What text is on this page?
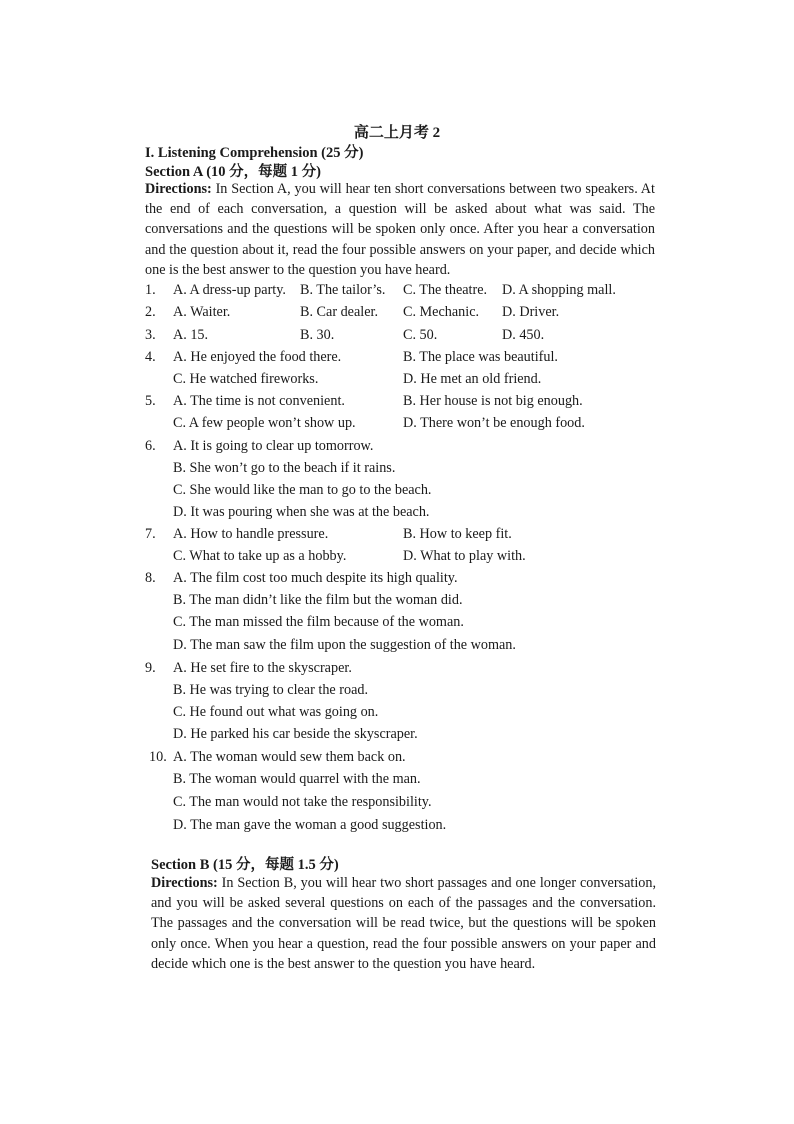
高二上月考 2
I. Listening Comprehension (25 分)
Section A (10 分，每题 1 分)
Directions: In Section A, you will hear ten short conversations between two speakers. At the end of each conversation, a question will be asked about what was said. The conversations and the questions will be spoken only once. After you hear a conversation and the question about it, read the four possible answers on your paper, and decide which one is the best answer to the question you have heard.
1. A. A dress-up party. B. The tailor’s. C. The theatre. D. A shopping mall.
2. A. Waiter.	B. Car dealer. C. Mechanic. D. Driver.
3. A. 15.	B. 30.	C. 50.	D. 450.
4. A. He enjoyed the food there.	B. The place was beautiful.
C. He watched fireworks.	D. He met an old friend.
5. A. The time is not convenient.	B. Her house is not big enough.
C. A few people won’t show up.	D. There won’t be enough food.
6. A. It is going to clear up tomorrow.
B. She won’t go to the beach if it rains.
C. She would like the man to go to the beach.
D. It was pouring when she was at the beach.
7. A. How to handle pressure.	B. How to keep fit.
C. What to take up as a hobby.	D. What to play with.
8. A. The film cost too much despite its high quality.
B. The man didn’t like the film but the woman did.
C. The man missed the film because of the woman.
D. The man saw the film upon the suggestion of the woman.
9. A. He set fire to the skyscraper.
B. He was trying to clear the road.
C. He found out what was going on.
D. He parked his car beside the skyscraper.
10. A. The woman would sew them back on.
B. The woman would quarrel with the man.
C. The man would not take the responsibility.
D. The man gave the woman a good suggestion.
Section B (15 分，每题 1.5 分)
Directions: In Section B, you will hear two short passages and one longer conversation, and you will be asked several questions on each of the passages and the conversation. The passages and the conversation will be read twice, but the questions will be spoken only once. When you hear a question, read the four possible answers on your paper and decide which one is the best answer to the question you have heard.
